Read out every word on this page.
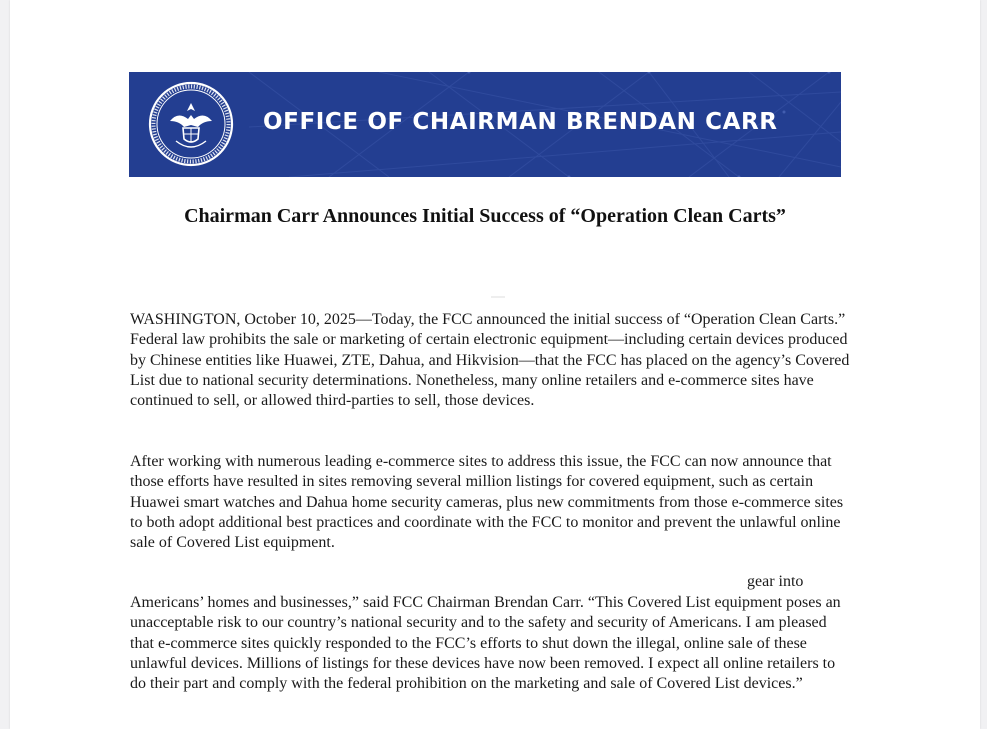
OFFICE OF CHAIRMAN BRENDAN CARR
Chairman Carr Announces Initial Success of “Operation Clean Carts”

WASHINGTON, October 10, 2025—Today, the FCC announced the initial success of “Operation Clean Carts.” Federal law prohibits the sale or marketing of certain electronic equipment—including certain devices produced by Chinese entities like Huawei, ZTE, Dahua, and Hikvision—that the FCC has placed on the agency’s Covered List due to national security determinations. Nonetheless, many online retailers and e-commerce sites have continued to sell, or allowed third-parties to sell, those devices.

After working with numerous leading e-commerce sites to address this issue, the FCC can now announce that those efforts have resulted in sites removing several million listings for covered equipment, such as certain Huawei smart watches and Dahua home security cameras, plus new commitments from those e-commerce sites to both adopt additional best practices and coordinate with the FCC to monitor and prevent the unlawful online sale of Covered List equipment.

gear into

Americans’ homes and businesses,” said FCC Chairman Brendan Carr. “This Covered List equipment poses an unacceptable risk to our country’s national security and to the safety and security of Americans. I am pleased that e-commerce sites quickly responded to the FCC’s efforts to shut down the illegal, online sale of these unlawful devices. Millions of listings for these devices have now been removed. I expect all online retailers to do their part and comply with the federal prohibition on the marketing and sale of Covered List devices.”
